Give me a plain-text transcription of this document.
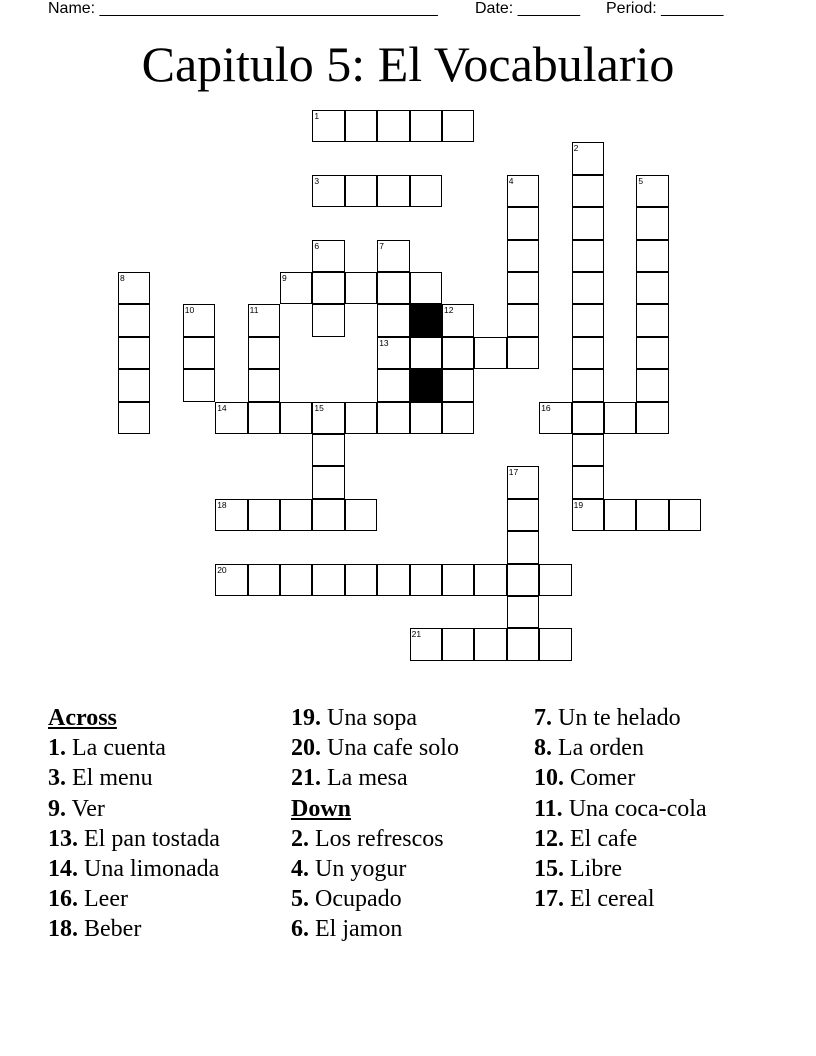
Name: ______________________________________ Date: _______ Period: _______
Capitulo 5: El Vocabulario
1
2
3	4	5
6	7
8	9
10	11	12
13
14	15	16
17
18	19
20
21
Across
1. La cuenta
3. El menu
9. Ver
13. El pan tostada
14. Una limonada
16. Leer
18. Beber
19. Una sopa
20. Una cafe solo
21. La mesa
Down
2. Los refrescos
4. Un yogur
5. Ocupado
6. El jamon
7. Un te helado
8. La orden
10. Comer
11. Una coca-cola
12. El cafe
15. Libre
17. El cereal
